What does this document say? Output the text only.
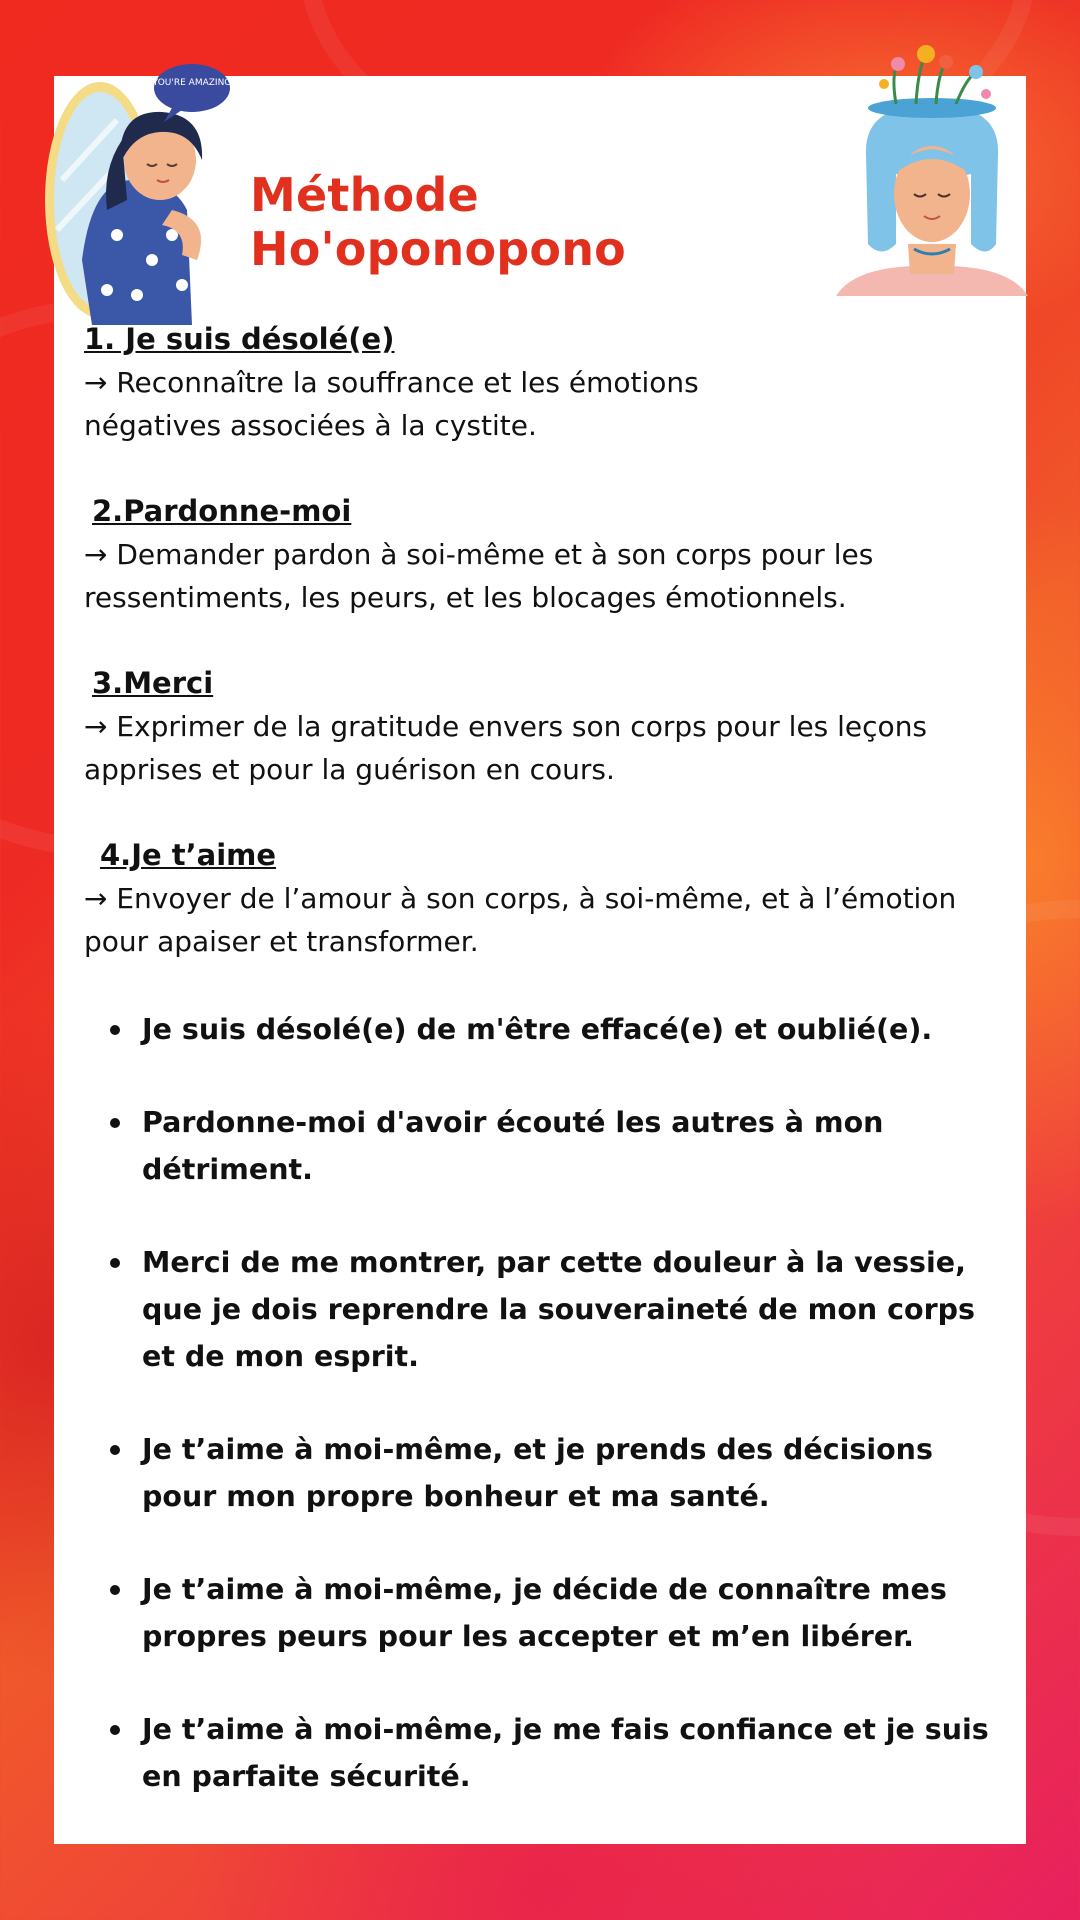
YOU'RE AMAZING
Méthode Ho'oponopono
1. Je suis désolé(e)
→ Reconnaître la souffrance et les émotions
négatives associées à la cystite.
2.Pardonne-moi
→ Demander pardon à soi-même et à son corps pour les
ressentiments, les peurs, et les blocages émotionnels.
3.Merci
→ Exprimer de la gratitude envers son corps pour les leçons
apprises et pour la guérison en cours.
4.Je t’aime
→ Envoyer de l’amour à son corps, à soi-même, et à l’émotion
pour apaiser et transformer.
Je suis désolé(e) de m'être effacé(e) et oublié(e).
Pardonne-moi d'avoir écouté les autres à mon détriment.
Merci de me montrer, par cette douleur à la vessie, que je dois reprendre la souveraineté de mon corps et de mon esprit.
Je t’aime à moi-même, et je prends des décisions pour mon propre bonheur et ma santé.
Je t’aime à moi-même, je décide de connaître mes propres peurs pour les accepter et m’en libérer.
Je t’aime à moi-même, je me fais confiance et je suis en parfaite sécurité.
